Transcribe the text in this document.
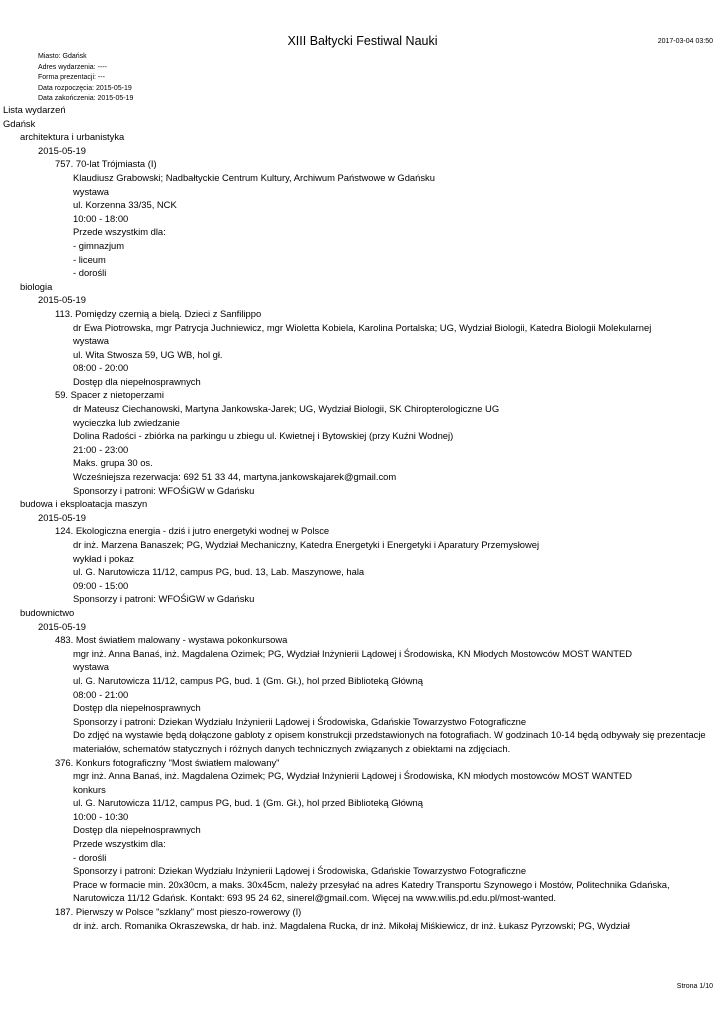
XIII Bałtycki Festiwal Nauki	2017-03-04 03:50
Miasto: Gdańsk
Adres wydarzenia: ----
Forma prezentacji: ---
Data rozpoczęcia: 2015-05-19
Data zakończenia: 2015-05-19
Lista wydarzeń
Gdańsk
architektura i urbanistyka
2015-05-19
757. 70-lat Trójmiasta (I)
Klaudiusz Grabowski; Nadbałtyckie Centrum Kultury, Archiwum Państwowe w Gdańsku
wystawa
ul. Korzenna 33/35, NCK
10:00 - 18:00
Przede wszystkim dla:
- gimnazjum
- liceum
- dorośli
biologia
2015-05-19
113. Pomiędzy czernią a bielą. Dzieci z Sanfilippo
dr Ewa Piotrowska, mgr Patrycja Juchniewicz, mgr Wioletta Kobiela, Karolina Portalska; UG, Wydział Biologii, Katedra Biologii Molekularnej
wystawa
ul. Wita Stwosza 59, UG WB, hol gł.
08:00 - 20:00
Dostęp dla niepełnosprawnych
59. Spacer z nietoperzami
dr Mateusz Ciechanowski, Martyna Jankowska-Jarek; UG, Wydział Biologii, SK Chiropterologiczne UG
wycieczka lub zwiedzanie
Dolina Radości - zbiórka na parkingu u zbiegu ul. Kwietnej i Bytowskiej (przy Kuźni Wodnej)
21:00 - 23:00
Maks. grupa 30 os.
Wcześniejsza rezerwacja: 692 51 33 44, martyna.jankowskajarek@gmail.com
Sponsorzy i patroni: WFOŚiGW w Gdańsku
budowa i eksploatacja maszyn
2015-05-19
124. Ekologiczna energia - dziś i jutro energetyki wodnej w Polsce
dr inż. Marzena Banaszek; PG, Wydział Mechaniczny, Katedra Energetyki i Energetyki i Aparatury Przemysłowej
wykład i pokaz
ul. G. Narutowicza 11/12, campus PG, bud. 13, Lab. Maszynowe, hala
09:00 - 15:00
Sponsorzy i patroni: WFOŚiGW w Gdańsku
budownictwo
2015-05-19
483. Most światłem malowany - wystawa pokonkursowa
mgr inż. Anna Banaś, inż. Magdalena Ozimek; PG, Wydział Inżynierii Lądowej i Środowiska, KN Młodych Mostowców MOST WANTED
wystawa
ul. G. Narutowicza 11/12, campus PG, bud. 1 (Gm. Gł.), hol przed Biblioteką Główną
08:00 - 21:00
Dostęp dla niepełnosprawnych
Sponsorzy i patroni: Dziekan Wydziału Inżynierii Lądowej i Środowiska, Gdańskie Towarzystwo Fotograficzne
Do zdjęć na wystawie będą dołączone gabloty z opisem konstrukcji przedstawionych na fotografiach. W godzinach 10-14 będą odbywały się prezentacje materiałów, schematów statycznych i różnych danych technicznych związanych z obiektami na zdjęciach.
376. Konkurs fotograficzny "Most światłem malowany"
mgr inż. Anna Banaś, inż. Magdalena Ozimek; PG, Wydział Inżynierii Lądowej i Środowiska, KN młodych mostowców MOST WANTED
konkurs
ul. G. Narutowicza 11/12, campus PG, bud. 1 (Gm. Gł.), hol przed Biblioteką Główną
10:00 - 10:30
Dostęp dla niepełnosprawnych
Przede wszystkim dla:
- dorośli
Sponsorzy i patroni: Dziekan Wydziału Inżynierii Lądowej i Środowiska, Gdańskie Towarzystwo Fotograficzne
Prace w formacie min. 20x30cm, a maks. 30x45cm, należy przesyłać na adres Katedry Transportu Szynowego i Mostów, Politechnika Gdańska, Narutowicza 11/12 Gdańsk. Kontakt: 693 95 24 62, sinerel@gmail.com. Więcej na www.wilis.pd.edu.pl/most-wanted.
187. Pierwszy w Polsce "szklany" most pieszo-rowerowy (I)
dr inż. arch. Romanika Okraszewska, dr hab. inż. Magdalena Rucka, dr inż. Mikołaj Miśkiewicz, dr inż. Łukasz Pyrzowski; PG, Wydział
Strona 1/10
